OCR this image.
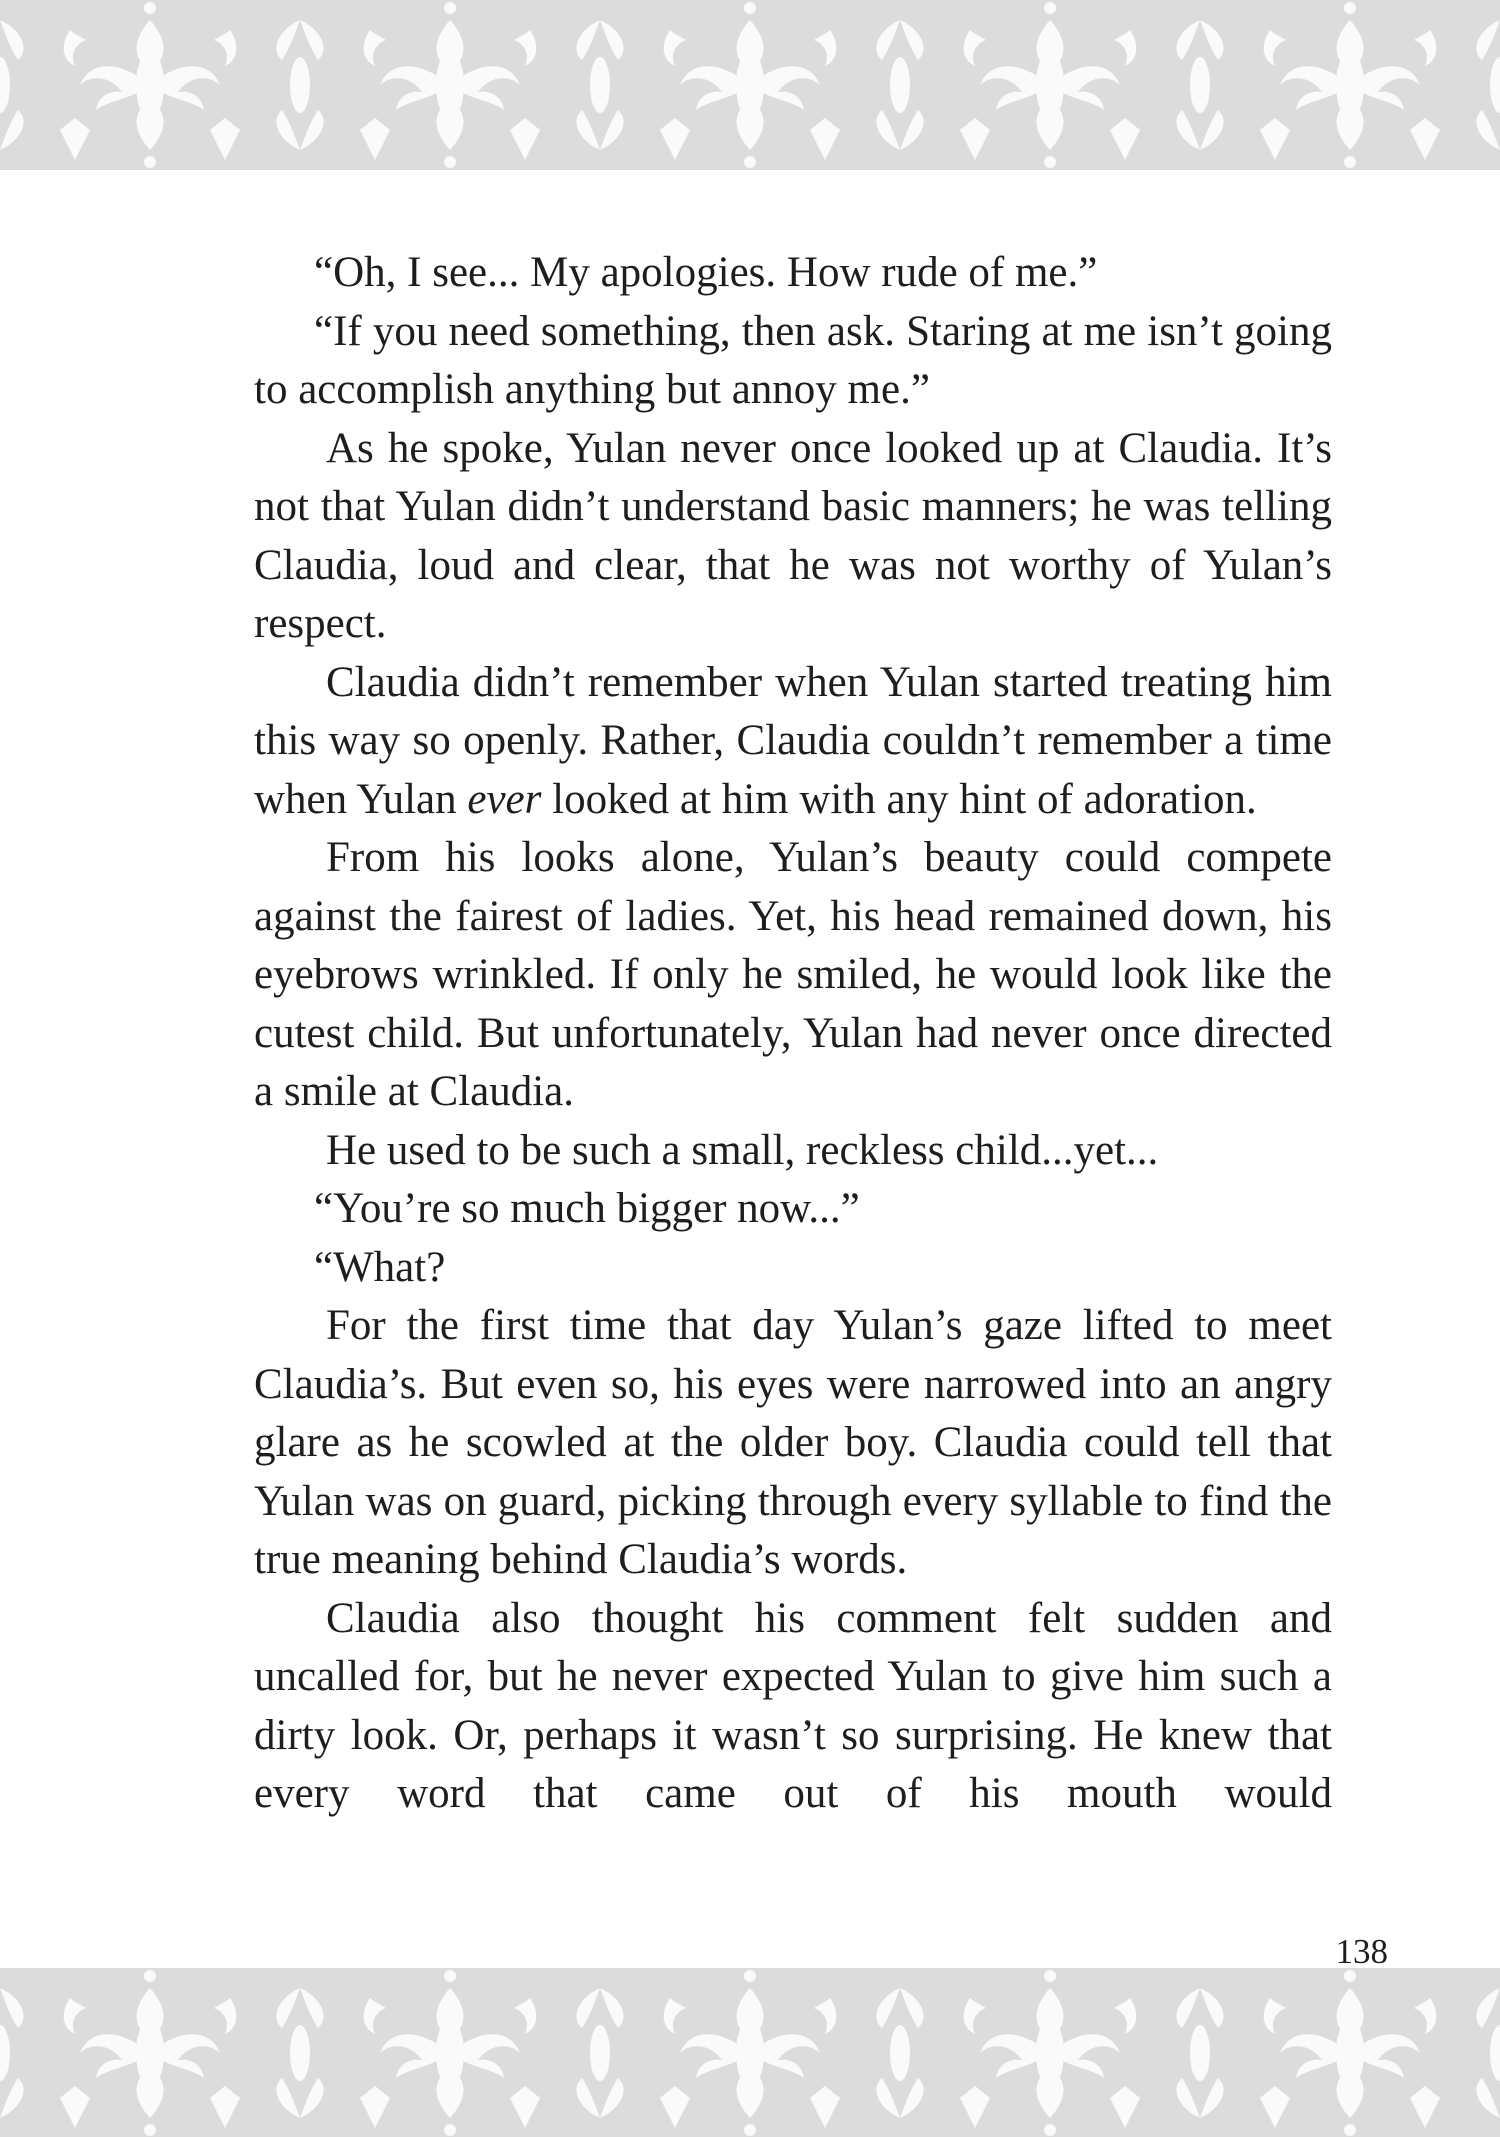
“Oh, I see... My apologies. How rude of me.”

“If you need something, then ask. Staring at me isn’t going to accomplish anything but annoy me.”

As he spoke, Yulan never once looked up at Claudia. It’s not that Yulan didn’t understand basic manners; he was telling Claudia, loud and clear, that he was not worthy of Yulan’s respect.

Claudia didn’t remember when Yulan started treating him this way so openly. Rather, Claudia couldn’t remember a time when Yulan ever looked at him with any hint of adoration.

From his looks alone, Yulan’s beauty could compete against the fairest of ladies. Yet, his head remained down, his eyebrows wrinkled. If only he smiled, he would look like the cutest child. But unfortunately, Yulan had never once directed a smile at Claudia.

He used to be such a small, reckless child...yet...

“You’re so much bigger now...”

“What?

For the first time that day Yulan’s gaze lifted to meet Claudia’s. But even so, his eyes were narrowed into an angry glare as he scowled at the older boy. Claudia could tell that Yulan was on guard, picking through every syllable to find the true meaning behind Claudia’s words.

Claudia also thought his comment felt sudden and uncalled for, but he never expected Yulan to give him such a dirty look. Or, perhaps it wasn’t so surprising. He knew that every word that came out of his mouth would

138
